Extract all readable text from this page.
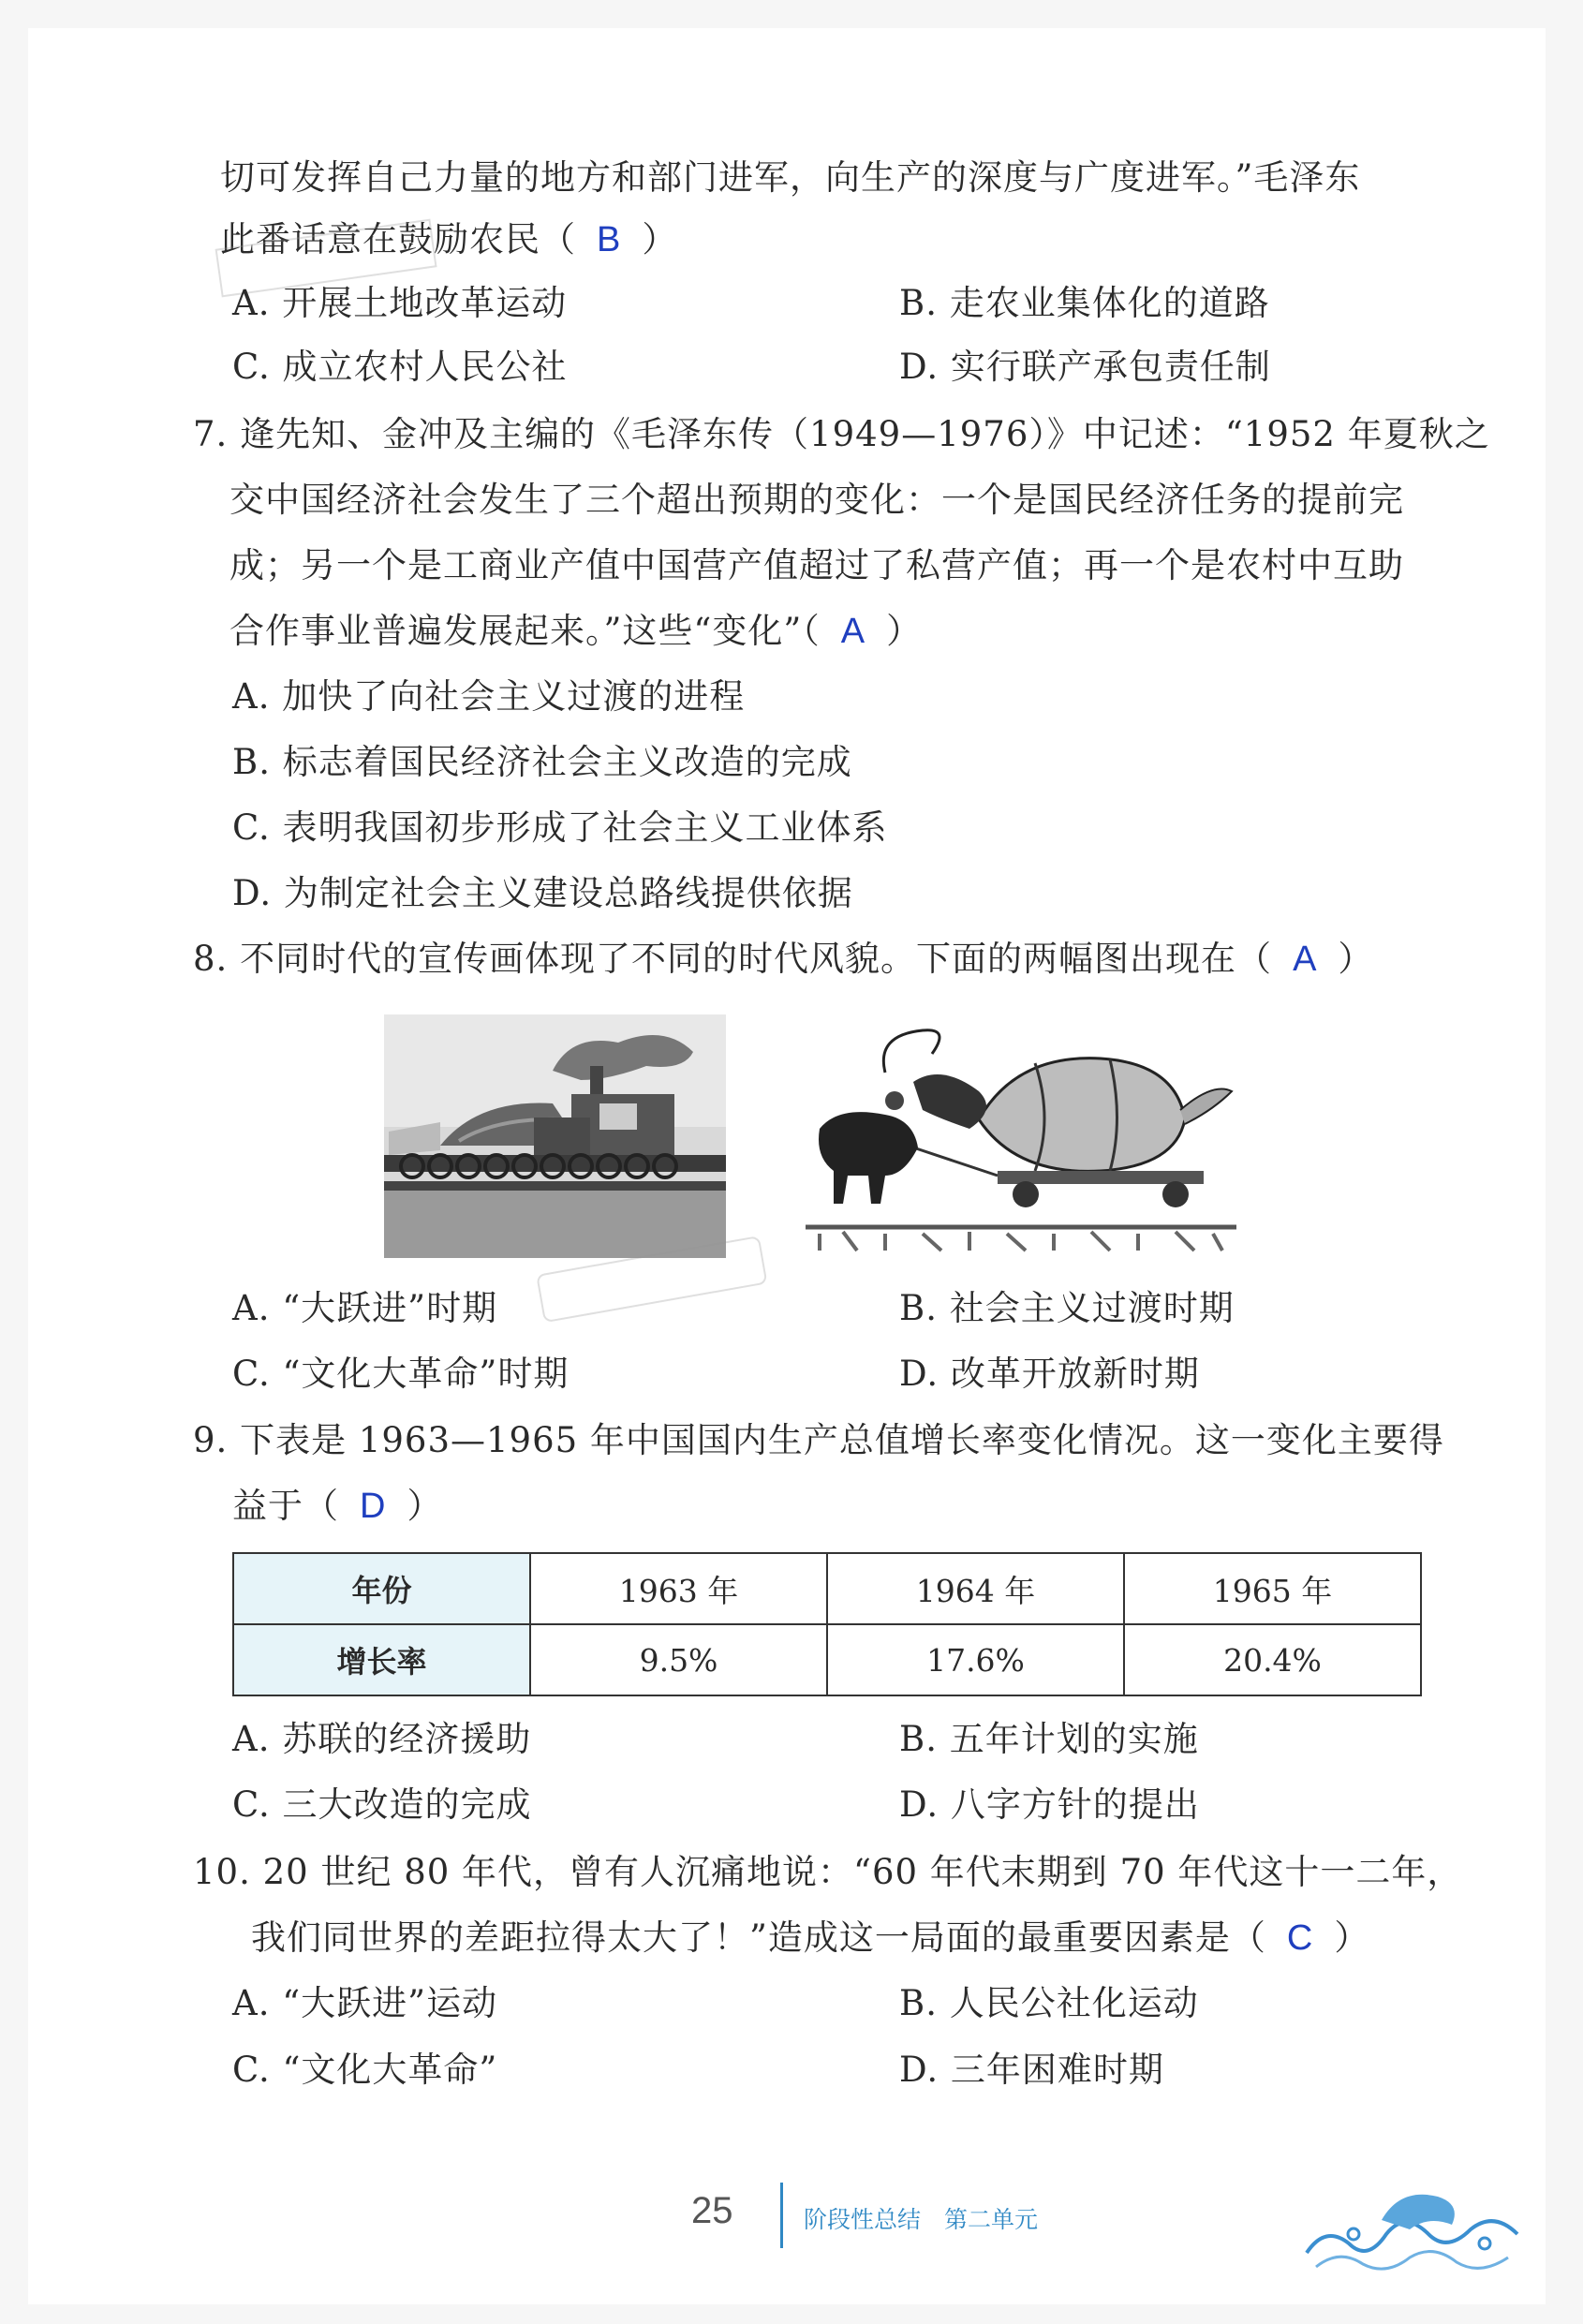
切可发挥自己力量的地方和部门进军，向生产的深度与广度进军。”毛泽东
此番话意在鼓励农民（ B ）
A. 开展土地改革运动	B. 走农业集体化的道路
C. 成立农村人民公社	D. 实行联产承包责任制
7. 逄先知、金冲及主编的《毛泽东传（1949—1976）》中记述：“1952 年夏秋之
交中国经济社会发生了三个超出预期的变化：一个是国民经济任务的提前完
成；另一个是工商业产值中国营产值超过了私营产值；再一个是农村中互助
合作事业普遍发展起来。”这些“变化”（ A ）
A. 加快了向社会主义过渡的进程
B. 标志着国民经济社会主义改造的完成
C. 表明我国初步形成了社会主义工业体系
D. 为制定社会主义建设总路线提供依据
8. 不同时代的宣传画体现了不同的时代风貌。下面的两幅图出现在（ A ）
A. “大跃进”时期	B. 社会主义过渡时期
C. “文化大革命”时期	D. 改革开放新时期
9. 下表是 1963—1965 年中国国内生产总值增长率变化情况。这一变化主要得
益于（ D ）
年份	1963 年	1964 年	1965 年
增长率	9.5%	17.6%	20.4%
A. 苏联的经济援助	B. 五年计划的实施
C. 三大改造的完成	D. 八字方针的提出
10. 20 世纪 80 年代，曾有人沉痛地说：“60 年代末期到 70 年代这十一二年，
我们同世界的差距拉得太大了！”造成这一局面的最重要因素是（ C ）
A. “大跃进”运动	B. 人民公社化运动
C. “文化大革命”	D. 三年困难时期
25	阶段性总结　第二单元
